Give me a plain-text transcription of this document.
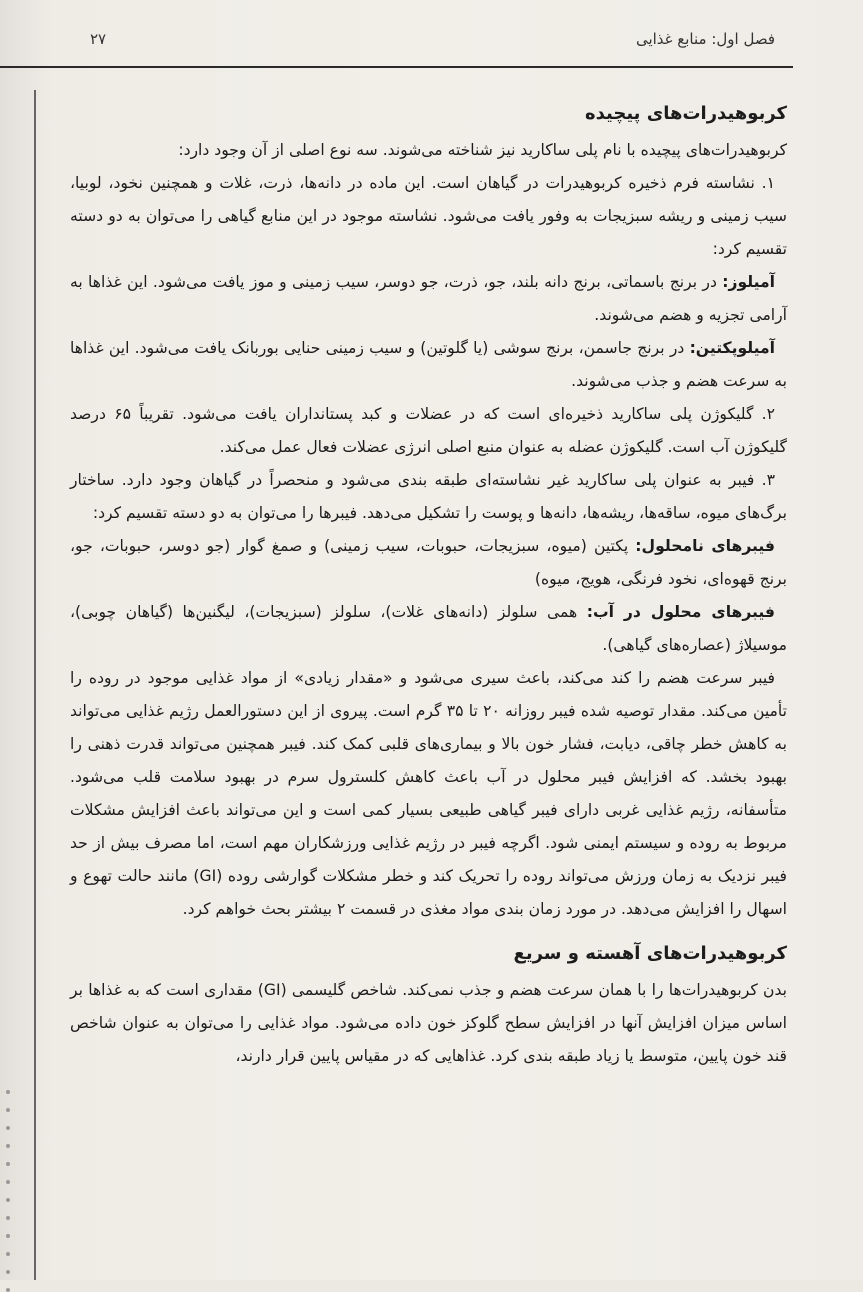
فصل اول: منابع غذایی
۲۷
کربوهیدرات‌های پیچیده

کربوهیدرات‌های پیچیده با نام پلی ساکارید نیز شناخته می‌شوند. سه نوع اصلی از آن وجود دارد:

۱. نشاسته فرم ذخیره کربوهیدرات در گیاهان است. این ماده در دانه‌ها، ذرت، غلات و همچنین نخود، لوبیا، سیب زمینی و ریشه سبزیجات به وفور یافت می‌شود. نشاسته موجود در این منابع گیاهی را می‌توان به دو دسته تقسیم کرد:

آمیلوز: در برنج باسماتی، برنج دانه بلند، جو، ذرت، جو دوسر، سیب زمینی و موز یافت می‌شود. این غذاها به آرامی تجزیه و هضم می‌شوند.

آمیلوپکتین: در برنج جاسمن، برنج سوشی (یا گلوتین) و سیب زمینی حنایی بوربانک یافت می‌شود. این غذاها به سرعت هضم و جذب می‌شوند.

۲. گلیکوژن پلی ساکارید ذخیره‌ای است که در عضلات و کبد پستانداران یافت می‌شود. تقریباً ۶۵ درصد گلیکوژن آب است. گلیکوژن عضله به عنوان منبع اصلی انرژی عضلات فعال عمل می‌کند.

۳. فیبر به عنوان پلی ساکارید غیر نشاسته‌ای طبقه بندی می‌شود و منحصراً در گیاهان وجود دارد. ساختار برگ‌های میوه، ساقه‌ها، ریشه‌ها، دانه‌ها و پوست را تشکیل می‌دهد. فیبرها را می‌توان به دو دسته تقسیم کرد:

فیبرهای نامحلول: پکتین (میوه، سبزیجات، حبوبات، سیب زمینی) و صمغ گوار (جو دوسر، حبوبات، جو، برنج قهوه‌ای، نخود فرنگی، هویج، میوه)

فیبرهای محلول در آب: همی سلولز (دانه‌های غلات)، سلولز (سبزیجات)، لیگنین‌ها (گیاهان چوبی)، موسیلاژ (عصاره‌های گیاهی).

فیبر سرعت هضم را کند می‌کند، باعث سیری می‌شود و «مقدار زیادی» از مواد غذایی موجود در روده را تأمین می‌کند. مقدار توصیه شده فیبر روزانه ۲۰ تا ۳۵ گرم است. پیروی از این دستورالعمل رژیم غذایی می‌تواند به کاهش خطر چاقی، دیابت، فشار خون بالا و بیماری‌های قلبی کمک کند. فیبر همچنین می‌تواند قدرت ذهنی را بهبود بخشد. که افزایش فیبر محلول در آب باعث کاهش کلسترول سرم در بهبود سلامت قلب می‌شود. متأسفانه، رژیم غذایی غربی دارای فیبر گیاهی طبیعی بسیار کمی است و این می‌تواند باعث افزایش مشکلات مربوط به روده و سیستم ایمنی شود. اگرچه فیبر در رژیم غذایی ورزشکاران مهم است، اما مصرف بیش از حد فیبر نزدیک به زمان ورزش می‌تواند روده را تحریک کند و خطر مشکلات گوارشی روده (GI) مانند حالت تهوع و اسهال را افزایش می‌دهد. در مورد زمان بندی مواد مغذی در قسمت ۲ بیشتر بحث خواهم کرد.

کربوهیدرات‌های آهسته و سریع

بدن کربوهیدرات‌ها را با همان سرعت هضم و جذب نمی‌کند. شاخص گلیسمی (GI) مقداری است که به غذاها بر اساس میزان افزایش آنها در افزایش سطح گلوکز خون داده می‌شود. مواد غذایی را می‌توان به عنوان شاخص قند خون پایین، متوسط یا زیاد طبقه بندی کرد. غذاهایی که در مقیاس پایین قرار دارند،
